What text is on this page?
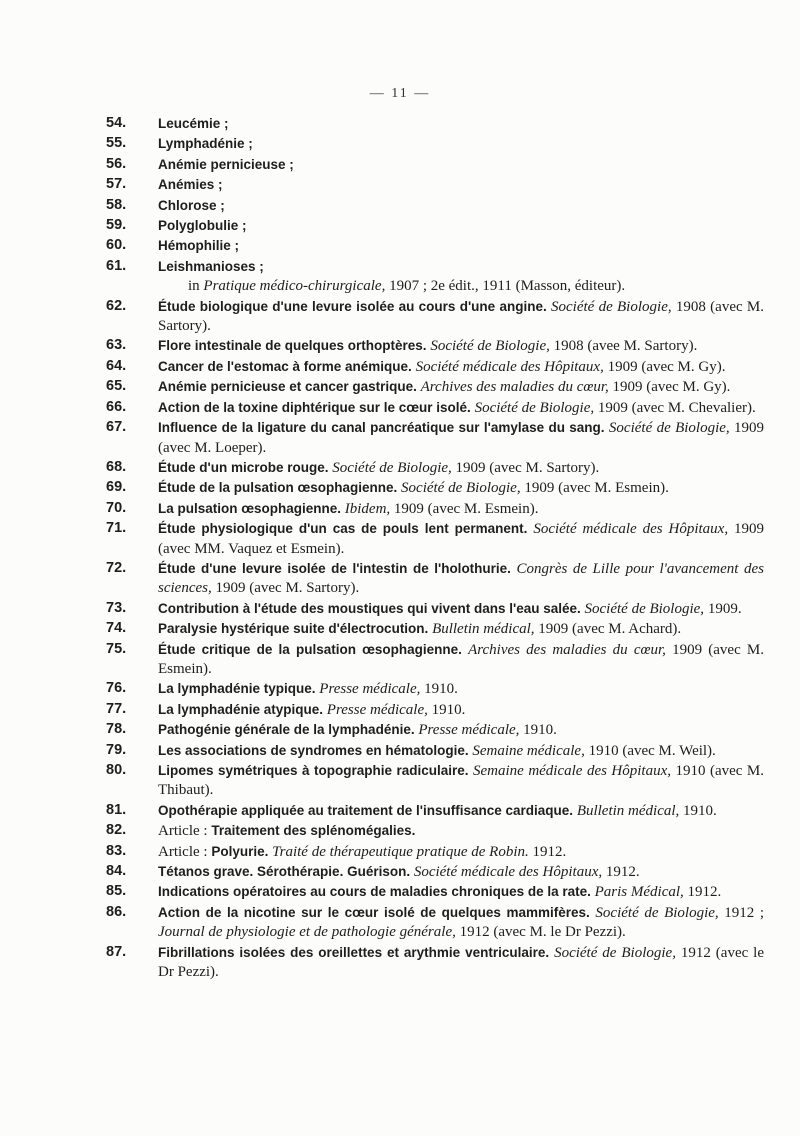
— 11 —
54.	Leucémie ;
55.	Lymphadénie ;
56.	Anémie pernicieuse ;
57.	Anémies ;
58.	Chlorose ;
59.	Polyglobulie ;
60.	Hémophilie ;
61.	Leishmanioses ;
in Pratique médico-chirurgicale, 1907 ; 2e édit., 1911 (Masson, éditeur).
62.	Étude biologique d'une levure isolée au cours d'une angine. Société de Biologie, 1908 (avec M. Sartory).
63.	Flore intestinale de quelques orthoptères. Société de Biologie, 1908 (avee M. Sartory).
64.	Cancer de l'estomac à forme anémique. Société médicale des Hôpitaux, 1909 (avec M. Gy).
65.	Anémie pernicieuse et cancer gastrique. Archives des maladies du cœur, 1909 (avec M. Gy).
66.	Action de la toxine diphtérique sur le cœur isolé. Société de Biologie, 1909 (avec M. Chevalier).
67.	Influence de la ligature du canal pancréatique sur l'amylase du sang. Société de Biologie, 1909 (avec M. Loeper).
68.	Étude d'un microbe rouge. Société de Biologie, 1909 (avec M. Sartory).
69.	Étude de la pulsation œsophagienne. Société de Biologie, 1909 (avec M. Esmein).
70.	La pulsation œsophagienne. Ibidem, 1909 (avec M. Esmein).
71.	Étude physiologique d'un cas de pouls lent permanent. Société médicale des Hôpitaux, 1909 (avec MM. Vaquez et Esmein).
72.	Étude d'une levure isolée de l'intestin de l'holothurie. Congrès de Lille pour l'avancement des sciences, 1909 (avec M. Sartory).
73.	Contribution à l'étude des moustiques qui vivent dans l'eau salée. Société de Biologie, 1909.
74.	Paralysie hystérique suite d'électrocution. Bulletin médical, 1909 (avec M. Achard).
75.	Étude critique de la pulsation œsophagienne. Archives des maladies du cœur, 1909 (avec M. Esmein).
76.	La lymphadénie typique. Presse médicale, 1910.
77.	La lymphadénie atypique. Presse médicale, 1910.
78.	Pathogénie générale de la lymphadénie. Presse médicale, 1910.
79.	Les associations de syndromes en hématologie. Semaine médicale, 1910 (avec M. Weil).
80.	Lipomes symétriques à topographie radiculaire. Semaine médicale des Hôpitaux, 1910 (avec M. Thibaut).
81.	Opothérapie appliquée au traitement de l'insuffisance cardiaque. Bulletin médical, 1910.
82.	Article : Traitement des splénomégalies.
83.	Article : Polyurie. Traité de thérapeutique pratique de Robin. 1912.
84.	Tétanos grave. Sérothérapie. Guérison. Société médicale des Hôpitaux, 1912.
85.	Indications opératoires au cours de maladies chroniques de la rate. Paris Médical, 1912.
86.	Action de la nicotine sur le cœur isolé de quelques mammifères. Société de Biologie, 1912 ; Journal de physiologie et de pathologie générale, 1912 (avec M. le Dr Pezzi).
87.	Fibrillations isolées des oreillettes et arythmie ventriculaire. Société de Biologie, 1912 (avec le Dr Pezzi).
